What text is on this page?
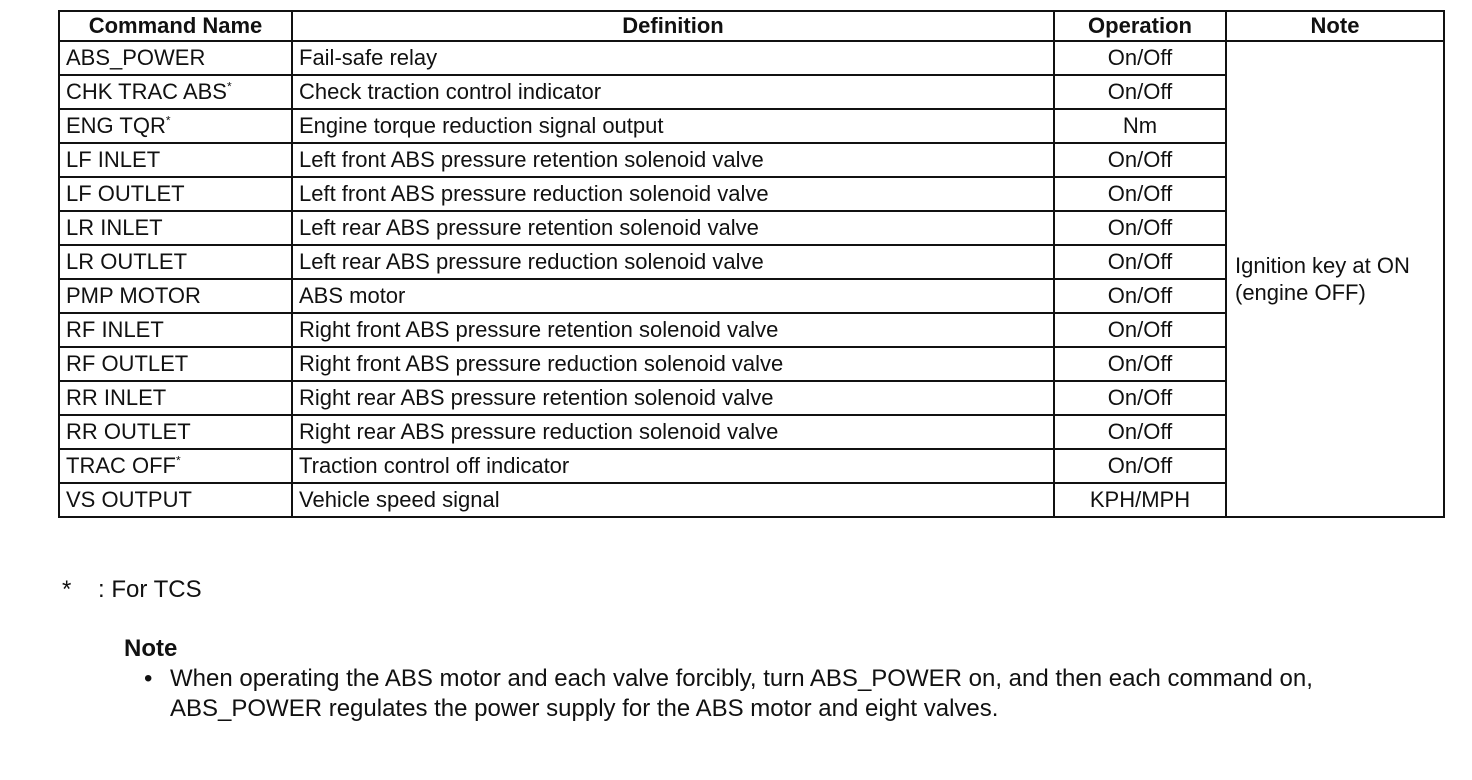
Command Name	Definition	Operation	Note
ABS_POWER	Fail-safe relay	On/Off	Ignition key at ON
(engine OFF)

CHK TRAC ABS*	Check traction control indicator	On/Off	
ENG TQR*	Engine torque reduction signal output	Nm	
LF INLET	Left front ABS pressure retention solenoid valve	On/Off	
LF OUTLET	Left front ABS pressure reduction solenoid valve	On/Off	
LR INLET	Left rear ABS pressure retention solenoid valve	On/Off	
LR OUTLET	Left rear ABS pressure reduction solenoid valve	On/Off	
PMP MOTOR	ABS motor	On/Off	
RF INLET	Right front ABS pressure retention solenoid valve	On/Off	
RF OUTLET	Right front ABS pressure reduction solenoid valve	On/Off	
RR INLET	Right rear ABS pressure retention solenoid valve	On/Off	
RR OUTLET	Right rear ABS pressure reduction solenoid valve	On/Off	
TRAC OFF*	Traction control off indicator	On/Off	
VS OUTPUT	Vehicle speed signal	KPH/MPH	
* : For TCS
Note
• When operating the ABS motor and each valve forcibly, turn ABS_POWER on, and then each command on, ABS_POWER regulates the power supply for the ABS motor and eight valves.
